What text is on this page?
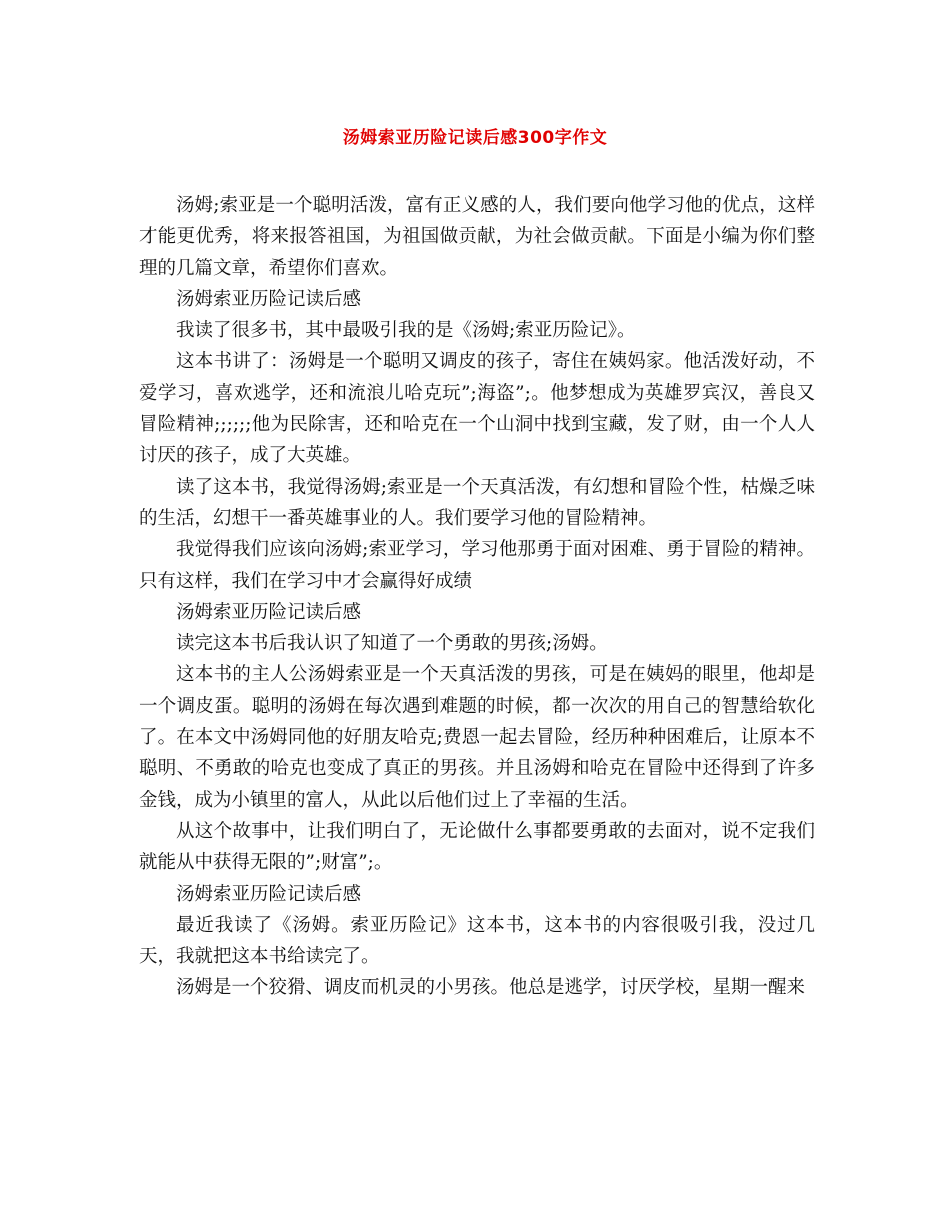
汤姆索亚历险记读后感300字作文

汤姆;索亚是一个聪明活泼，富有正义感的人，我们要向他学习他的优点，这样才能更优秀，将来报答祖国，为祖国做贡献，为社会做贡献。下面是小编为你们整理的几篇文章，希望你们喜欢。

汤姆索亚历险记读后感

我读了很多书，其中最吸引我的是《汤姆;索亚历险记》。

这本书讲了：汤姆是一个聪明又调皮的孩子，寄住在姨妈家。他活泼好动，不爱学习，喜欢逃学，还和流浪儿哈克玩”;海盗”;。他梦想成为英雄罗宾汉，善良又冒险精神;;;;;;他为民除害，还和哈克在一个山洞中找到宝藏，发了财，由一个人人讨厌的孩子，成了大英雄。

读了这本书，我觉得汤姆;索亚是一个天真活泼，有幻想和冒险个性，枯燥乏味的生活，幻想干一番英雄事业的人。我们要学习他的冒险精神。

我觉得我们应该向汤姆;索亚学习，学习他那勇于面对困难、勇于冒险的精神。只有这样，我们在学习中才会赢得好成绩

汤姆索亚历险记读后感

读完这本书后我认识了知道了一个勇敢的男孩;汤姆。

这本书的主人公汤姆索亚是一个天真活泼的男孩，可是在姨妈的眼里，他却是一个调皮蛋。聪明的汤姆在每次遇到难题的时候，都一次次的用自己的智慧给软化了。在本文中汤姆同他的好朋友哈克;费恩一起去冒险，经历种种困难后，让原本不聪明、不勇敢的哈克也变成了真正的男孩。并且汤姆和哈克在冒险中还得到了许多金钱，成为小镇里的富人，从此以后他们过上了幸福的生活。

从这个故事中，让我们明白了，无论做什么事都要勇敢的去面对，说不定我们就能从中获得无限的”;财富”;。

汤姆索亚历险记读后感

最近我读了《汤姆。索亚历险记》这本书，这本书的内容很吸引我，没过几天，我就把这本书给读完了。

汤姆是一个狡猾、调皮而机灵的小男孩。他总是逃学，讨厌学校，星期一醒来
